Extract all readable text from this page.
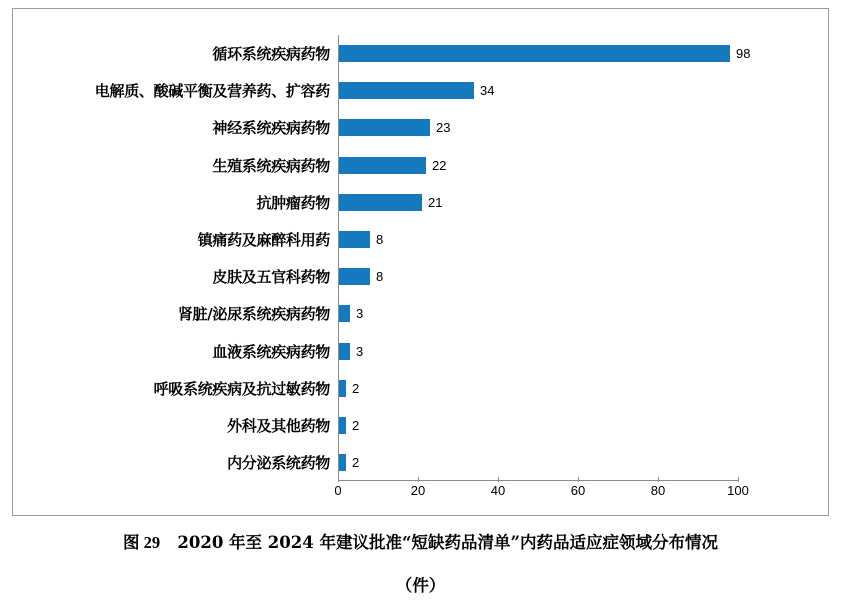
循环系统疾病药物	98
电解质、酸碱平衡及营养药、扩容药	34
神经系统疾病药物	23
生殖系统疾病药物	22
抗肿瘤药物	21
镇痛药及麻醉科用药	8
皮肤及五官科药物	8
肾脏/泌尿系统疾病药物	3
血液系统疾病药物	3
呼吸系统疾病及抗过敏药物	2
外科及其他药物	2
内分泌系统药物	2
0	20	40	60	80	100
图 29 2020 年至 2024 年建议批准“短缺药品清单”内药品适应症领域分布情况
（件）
